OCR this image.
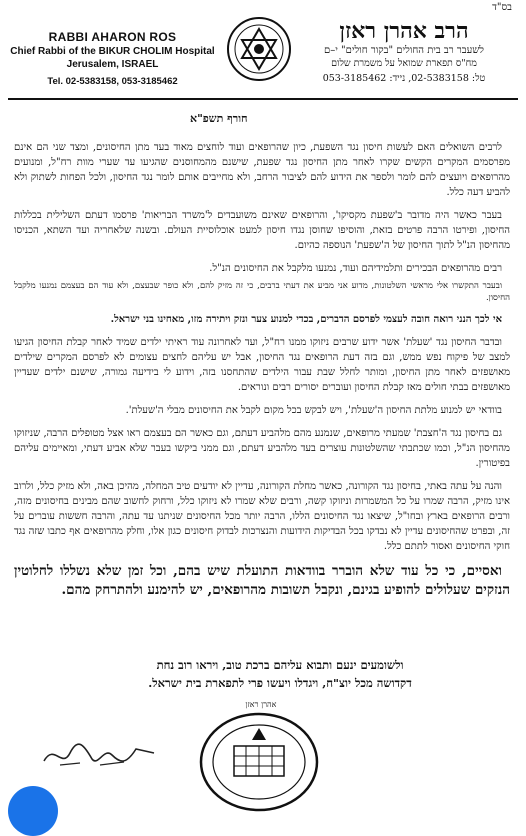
בס"ד
RABBI AHARON ROS
Chief Rabbi of the BIKUR CHOLIM Hospital
Jerusalem, ISRAEL
Tel. 02-5383158, 053-3185462
הרב אהרן ראזן
לשעבר רב בית החולים "בקור חולים" י–ם
מח"ס תפארת שמואל על משמרת שלום
טל: 02-5383158, נייד: 053-3185462
חורף תשפ"א

לרבים השואלים האם לעשות חיסון נגד השפעת, כיון שהרופאים ועוד לוחצים מאוד בעד מתן החיסונים, ומצד שני הם אינם מפרסמים המקרים הקשים שקרו לאחר מתן החיסון נגד שפעת, שישנם מהמחוסנים שהגיעו עד שערי מוות רח"ל, ומנועים מהרופאים ויועצים להם לומר ולספר את הידוע להם לציבור הרחב, ולא מחייבים אותם לומר נגד החיסון, ולכל הפחות לשתוק ולא להביע דעה כלל.

בעבר כאשר היה מדובר ב'שפעת מקסיקו', והרופאים שאינם משועבדים ל'משרד הבריאות' פרסמו דעתם השלילית בכללות החיסון, ופירטו הרבה פרטים בזאת, והוסיפו שחוסן נגדו חיסון למעט אוכלוסיית העולם. ובשנה שלאחריה ועד השתא, הכניסו מהחיסון הנ"ל לתוך החיסון של ה'שפעת' הנוספה כהיום.

רבים מהרופאים הבכירים ותלמידיהם ועוד, נמנעו מלקבל את החיסונים הנ"ל.

ובעבר התקשרו אלי מראשי השלטונות, מדוע אני מביע את דעתי ברבים, כי זה מזיק להם, ולא כופר שבעצם, ולא עוד הם בעצמם נמנעו מלקבל החיסון.

אי לכך הנני רואה חובה לעצמי לפרסם הדברים, בכדי למנוע צער ונזק ויתירה מזו, מאחינו בני ישראל.

ובדבר החיסון נגד 'שעלת' אשר ידוע שרבים ניזוקו ממנו רח"ל, ועד לאחרונה עוד ראיתי ילדים שמיד לאחר קבלת החיסון הגיעו למצב של פיקוח נפש ממש, וגם בזה דעת הרופאים נגד החיסון, אבל יש עליהם לחצים עצומים לא לפרסם המקרים שילדים מאושפזים לאחר מתן החיסון, ומותר לחלל שבת עבור הילדים שהתחסנו בזה, וידוע לי בידיעה גמורה, שישנם ילדים שעדיין מאושפזים בבתי חולים מאז קבלת החיסון ועוברים יסורים רבים ונוראים.

בוודאי יש למנוע מלתת החיסון ה'שעלת', ויש לבקש בכל מקום לקבל את החיסונים מבלי ה'שעלת'.

גם בחיסון נגד ה'חצבת' שמעתי מרופאים, שנמנע מהם מלהביע דעתם, וגם כאשר הם בעצמם ראו אצל מטופלים הרבה, שניזוקו מהחיסון הנ"ל, וכמו שכתבתי שהשלטונות עוצרים בעד מלהביע דעתם, וגם ממני ביקשו בעבר שלא אביע דעתי, ומאיימים עליהם בפיטורין.

והנה על עתה באתי, בחיסון נגד הקורונה, כאשר מחלת הקורונה, עדיין לא יודעים טיב המחלה, מהיכן באה, ולא מזיק כלל, ולרוב אינו מזיק, הרבה שמרו על כל המשמרות וניזוקו קשה, ורבים שלא שמרו לא ניזוקו כלל, ורחוק לחשוב שהם מבינים בחיסונים מזה, ורבים הרופאים בארץ ובחו"ל, שיצאו נגד החיסונים הללו, הרבה יותר מכל החיסונים שניתנו עד עתה, והרבה חששות עוברים על זה, ובפרט שהחיסונים עדיין לא נבדקו בכל הבדיקות הידועות והנצרכות לבדוק חיסונים כגון אלו, וחלק מהרופאים אף כתבו שזה נגד חוקי החיסונים ואסור לתתם כלל.

ואסיים, כי כל עוד שלא הוברר בוודאות התועלת שיש בהם, וכל זמן שלא נשללו לחלוטין הנזקים שעלולים להופיע בגינם, ונקבל תשובות מהרופאים, יש להימנע ולהתרחק מהם.

ולשומעים ינעם ותבוא עליהם ברכת טוב, ויראו רוב נחת
דקדושה מכל יוצ"ח, ויגדלו ויעשו פרי לתפארת בית ישראל.
אהרן ראזן
